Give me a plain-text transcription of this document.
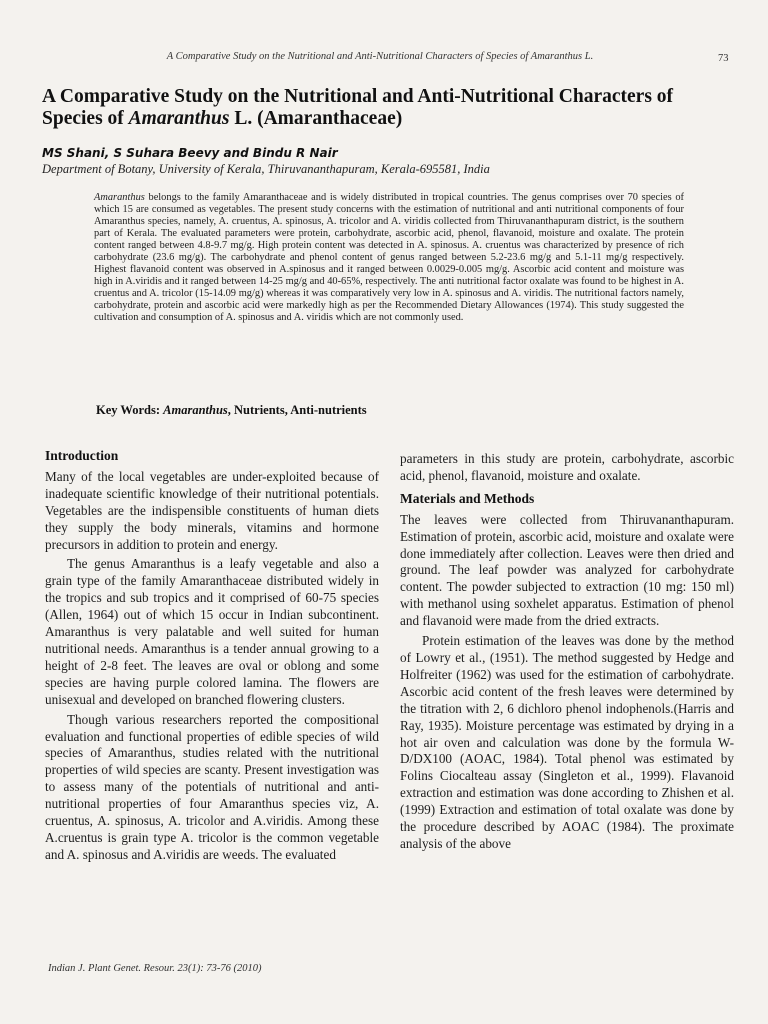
A Comparative Study on the Nutritional and Anti-Nutritional Characters of Species of Amaranthus L.	73
A Comparative Study on the Nutritional and Anti-Nutritional Characters of Species of Amaranthus L. (Amaranthaceae)
MS Shani, S Suhara Beevy and Bindu R Nair
Department of Botany, University of Kerala, Thiruvananthapuram, Kerala-695581, India
Amaranthus belongs to the family Amaranthaceae and is widely distributed in tropical countries. The genus comprises over 70 species of which 15 are consumed as vegetables. The present study concerns with the estimation of nutritional and anti nutritional components of four Amaranthus species, namely, A. cruentus, A. spinosus, A. tricolor and A. viridis collected from Thiruvananthapuram district, is the southern part of Kerala. The evaluated parameters were protein, carbohydrate, ascorbic acid, phenol, flavanoid, moisture and oxalate. The protein content ranged between 4.8-9.7 mg/g. High protein content was detected in A. spinosus. A. cruentus was characterized by presence of rich carbohydrate (23.6 mg/g). The carbohydrate and phenol content of genus ranged between 5.2-23.6 mg/g and 5.1-11 mg/g respectively. Highest flavanoid content was observed in A.spinosus and it ranged between 0.0029-0.005 mg/g. Ascorbic acid content and moisture was high in A.viridis and it ranged between 14-25 mg/g and 40-65%, respectively. The anti nutritional factor oxalate was found to be highest in A. cruentus and A. tricolor (15-14.09 mg/g) whereas it was comparatively very low in A. spinosus and A. viridis. The nutritional factors namely, carbohydrate, protein and ascorbic acid were markedly high as per the Recommended Dietary Allowances (1974). This study suggested the cultivation and consumption of A. spinosus and A. viridis which are not commonly used.
Key Words: Amaranthus, Nutrients, Anti-nutrients
Introduction

Many of the local vegetables are under-exploited because of inadequate scientific knowledge of their nutritional potentials. Vegetables are the indispensible constituents of human diets they supply the body minerals, vitamins and hormone precursors in addition to protein and energy.

The genus Amaranthus is a leafy vegetable and also a grain type of the family Amaranthaceae distributed widely in the tropics and sub tropics and it comprised of 60-75 species (Allen, 1964) out of which 15 occur in Indian subcontinent. Amaranthus is very palatable and well suited for human nutritional needs. Amaranthus is a tender annual growing to a height of 2-8 feet. The leaves are oval or oblong and some species are having purple colored lamina. The flowers are unisexual and developed on branched flowering clusters.

Though various researchers reported the compositional evaluation and functional properties of edible species of wild species of Amaranthus, studies related with the nutritional properties of wild species are scanty. Present investigation was to assess many of the potentials of nutritional and anti-nutritional properties of four Amaranthus species viz, A. cruentus, A. spinosus, A. tricolor and A.viridis. Among these A.cruentus is grain type A. tricolor is the common vegetable and A. spinosus and A.viridis are weeds. The evaluated

parameters in this study are protein, carbohydrate, ascorbic acid, phenol, flavanoid, moisture and oxalate.

Materials and Methods

The leaves were collected from Thiruvananthapuram. Estimation of protein, ascorbic acid, moisture and oxalate were done immediately after collection. Leaves were then dried and ground. The leaf powder was analyzed for carbohydrate content. The powder subjected to extraction (10 mg: 150 ml) with methanol using soxhelet apparatus. Estimation of phenol and flavanoid were made from the dried extracts.

Protein estimation of the leaves was done by the method of Lowry et al., (1951). The method suggested by Hedge and Holfreiter (1962) was used for the estimation of carbohydrate. Ascorbic acid content of the fresh leaves were determined by the titration with 2, 6 dichloro phenol indophenols.(Harris and Ray, 1935). Moisture percentage was estimated by drying in a hot air oven and calculation was done by the formula W-D/DX100 (AOAC, 1984). Total phenol was estimated by Folins Ciocalteau assay (Singleton et al., 1999). Flavanoid extraction and estimation was done according to Zhishen et al. (1999) Extraction and estimation of total oxalate was done by the procedure described by AOAC (1984). The proximate analysis of the above

Indian J. Plant Genet. Resour. 23(1): 73-76 (2010)
